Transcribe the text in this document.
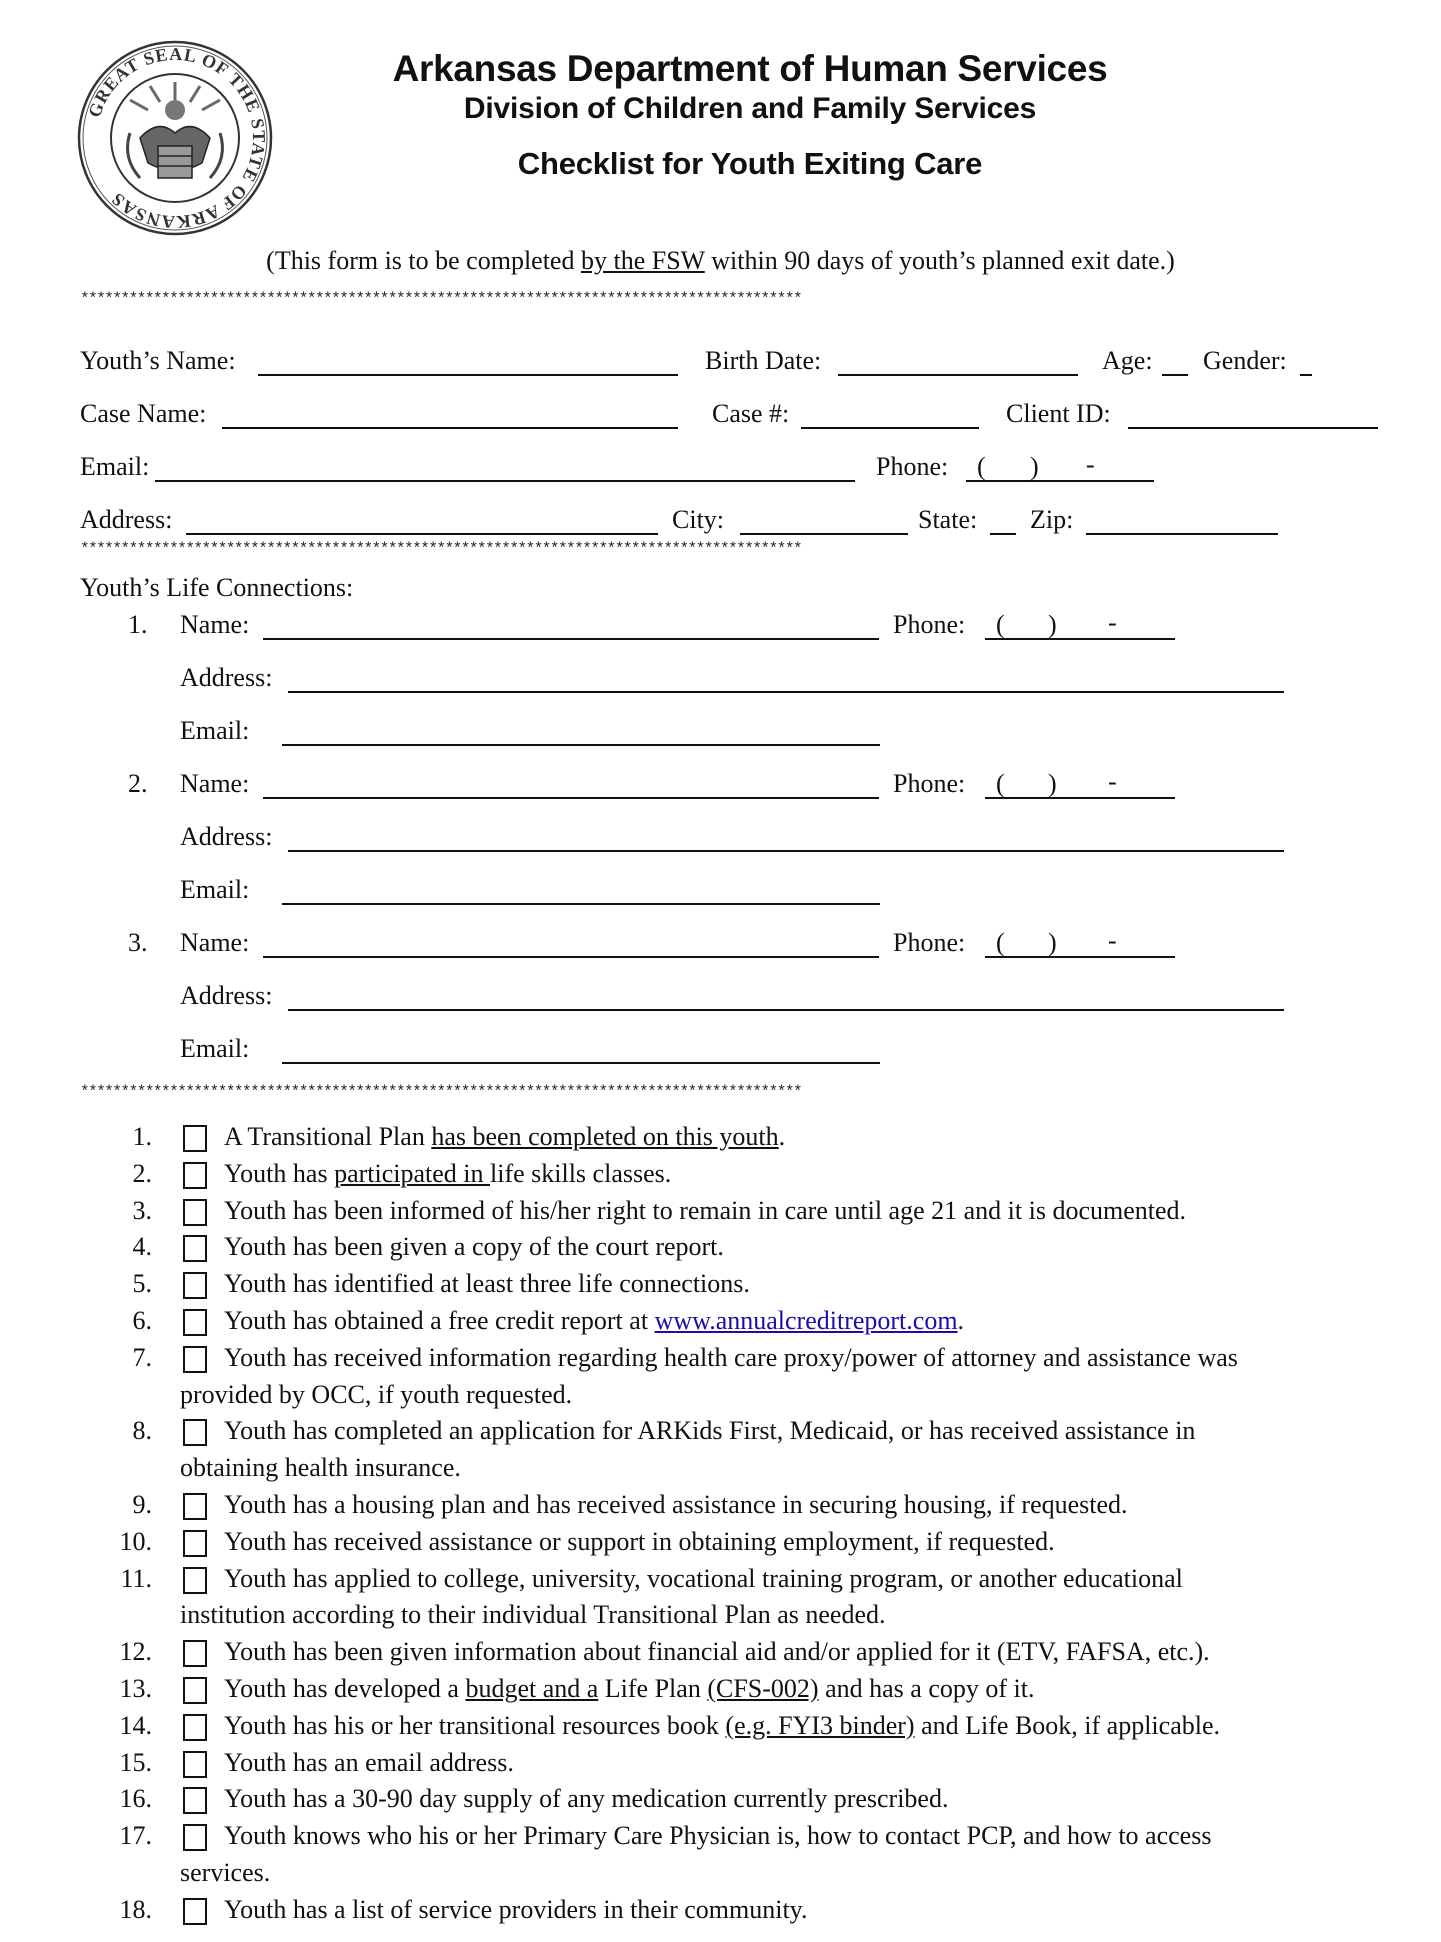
GREAT SEAL OF THE STATE OF ARKANSAS
Arkansas Department of Human Services
Division of Children and Family Services
Checklist for Youth Exiting Care
(This form is to be completed by the FSW within 90 days of youth’s planned exit date.)
*****************************************************************************************
Youth’s Name:	Birth Date:	Age: Gender:
Case Name:	Case #:	Client ID:
Email:	Phone: ( ) -
Address:	City:	State: Zip:
*****************************************************************************************
Youth’s Life Connections:
1. Name:	Phone: ( ) -
Address:
Email:
2. Name:	Phone: ( ) -
Address:
Email:
3. Name:	Phone: ( ) -
Address:
Email:
*****************************************************************************************
1.	A Transitional Plan has been completed on this youth.
2.	Youth has participated in life skills classes.
3.	Youth has been informed of his/her right to remain in care until age 21 and it is documented.
4.	Youth has been given a copy of the court report.
5.	Youth has identified at least three life connections.
6.	Youth has obtained a free credit report at www.annualcreditreport.com.
7.	Youth has received information regarding health care proxy/power of attorney and assistance was
provided by OCC, if youth requested.
8.	Youth has completed an application for ARKids First, Medicaid, or has received assistance in
obtaining health insurance.
9.	Youth has a housing plan and has received assistance in securing housing, if requested.
10.	Youth has received assistance or support in obtaining employment, if requested.
11.	Youth has applied to college, university, vocational training program, or another educational
institution according to their individual Transitional Plan as needed.
12.	Youth has been given information about financial aid and/or applied for it (ETV, FAFSA, etc.).
13.	Youth has developed a budget and a Life Plan (CFS-002) and has a copy of it.
14.	Youth has his or her transitional resources book (e.g. FYI3 binder) and Life Book, if applicable.
15.	Youth has an email address.
16.	Youth has a 30-90 day supply of any medication currently prescribed.
17.	Youth knows who his or her Primary Care Physician is, how to contact PCP, and how to access
services.
18.	Youth has a list of service providers in their community.
